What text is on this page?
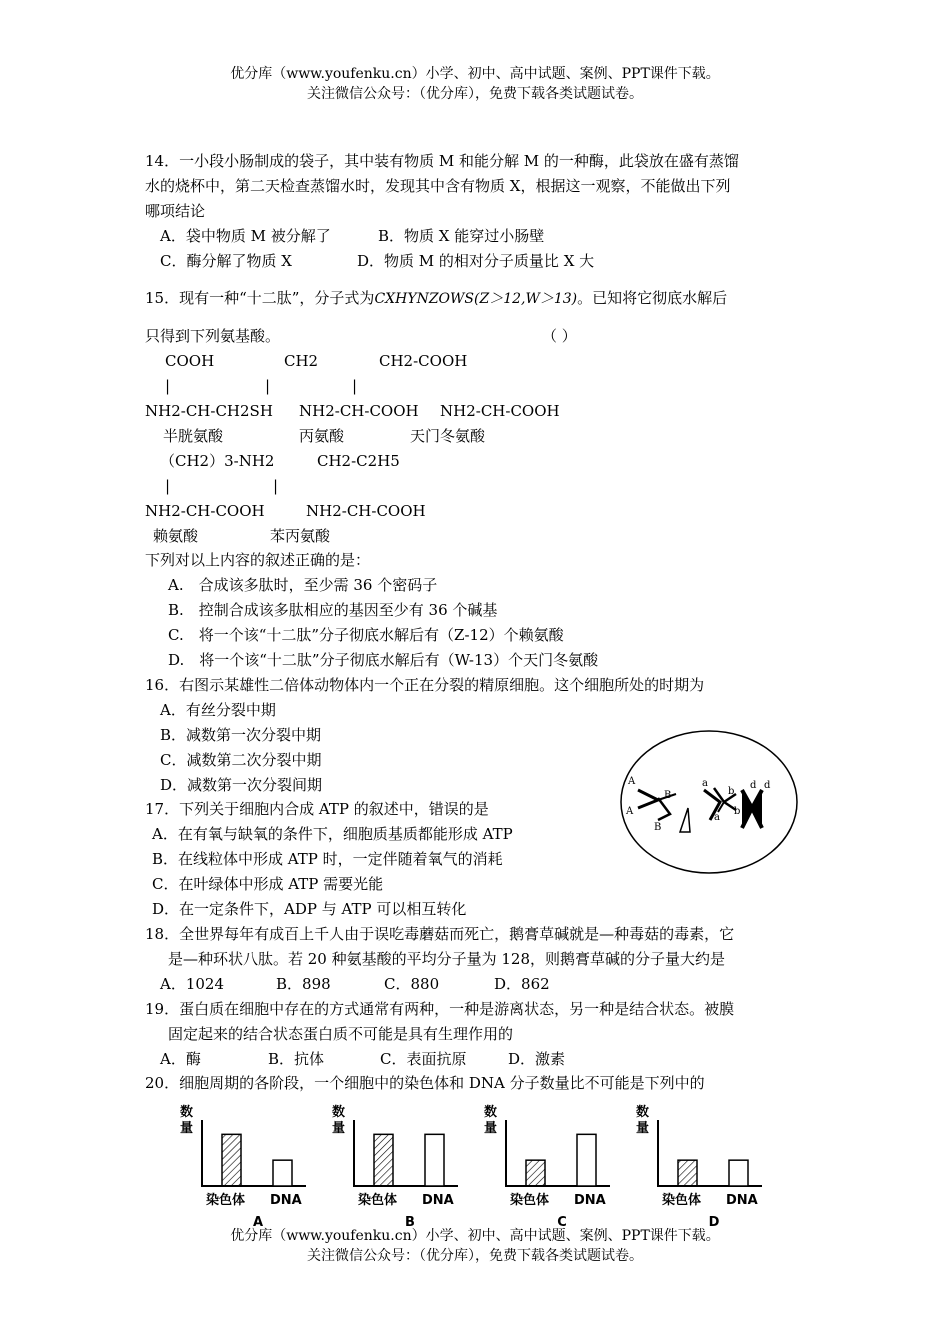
优分库（www.youfenku.cn）小学、初中、高中试题、案例、PPT课件下载。
关注微信公众号：（优分库），免费下载各类试题试卷。
14．一小段小肠制成的袋子，其中装有物质 M 和能分解 M 的一种酶，此袋放在盛有蒸馏
水的烧杯中，第二天检查蒸馏水时，发现其中含有物质 X，根据这一观察，不能做出下列
哪项结论
A．袋中物质 M 被分解了	B．物质 X 能穿过小肠壁
C．酶分解了物质 X	D．物质 M 的相对分子质量比 X 大
15．现有一种“十二肽”，分子式为CXHYNZOWS(Z＞12,W＞13)。已知将它彻底水解后
只得到下列氨基酸。	（ ）
COOH	CH2	CH2-COOH
|	|	|
NH2-CH-CH2SH NH2-CH-COOH NH2-CH-COOH
半胱氨酸	丙氨酸	天门冬氨酸
（CH2）3-NH2	CH2-C2H5
|	|
NH2-CH-COOH	NH2-CH-COOH
赖氨酸	苯丙氨酸
下列对以上内容的叙述正确的是：
A.　合成该多肽时，至少需 36 个密码子
B.　控制合成该多肽相应的基因至少有 36 个碱基
C.　将一个该“十二肽”分子彻底水解后有（Z-12）个赖氨酸
D.　将一个该“十二肽”分子彻底水解后有（W-13）个天门冬氨酸
16．右图示某雄性二倍体动物体内一个正在分裂的精原细胞。这个细胞所处的时期为
A．有丝分裂中期
B．减数第一次分裂中期
C．减数第二次分裂中期
D．减数第一次分裂间期	A
A
B
B
a
a
b
b
d d
17．下列关于细胞内合成 ATP 的叙述中，错误的是
A．在有氧与缺氧的条件下，细胞质基质都能形成 ATP
B．在线粒体中形成 ATP 时，一定伴随着氧气的消耗
C．在叶绿体中形成 ATP 需要光能
D．在一定条件下，ADP 与 ATP 可以相互转化
18．全世界每年有成百上千人由于误吃毒蘑菇而死亡，鹅膏草碱就是—种毒菇的毒素，它
是—种环状八肽。若 20 种氨基酸的平均分子量为 128，则鹅膏草碱的分子量大约是
A．1024	B．898	C．880	D．862
19．蛋白质在细胞中存在的方式通常有两种，一种是游离状态，另一种是结合状态。被膜
固定起来的结合状态蛋白质不可能是具有生理作用的
A．酶	B．抗体	C．表面抗原	D．激素
20．细胞周期的各阶段，一个细胞中的染色体和 DNA 分子数量比不可能是下列中的
数
量
染色体 DNA
A
数
量
染色体 DNA
B
数
量
染色体 DNA
C
数
量
染色体 DNA
D
优分库（www.youfenku.cn）小学、初中、高中试题、案例、PPT课件下载。
关注微信公众号：（优分库），免费下载各类试题试卷。
